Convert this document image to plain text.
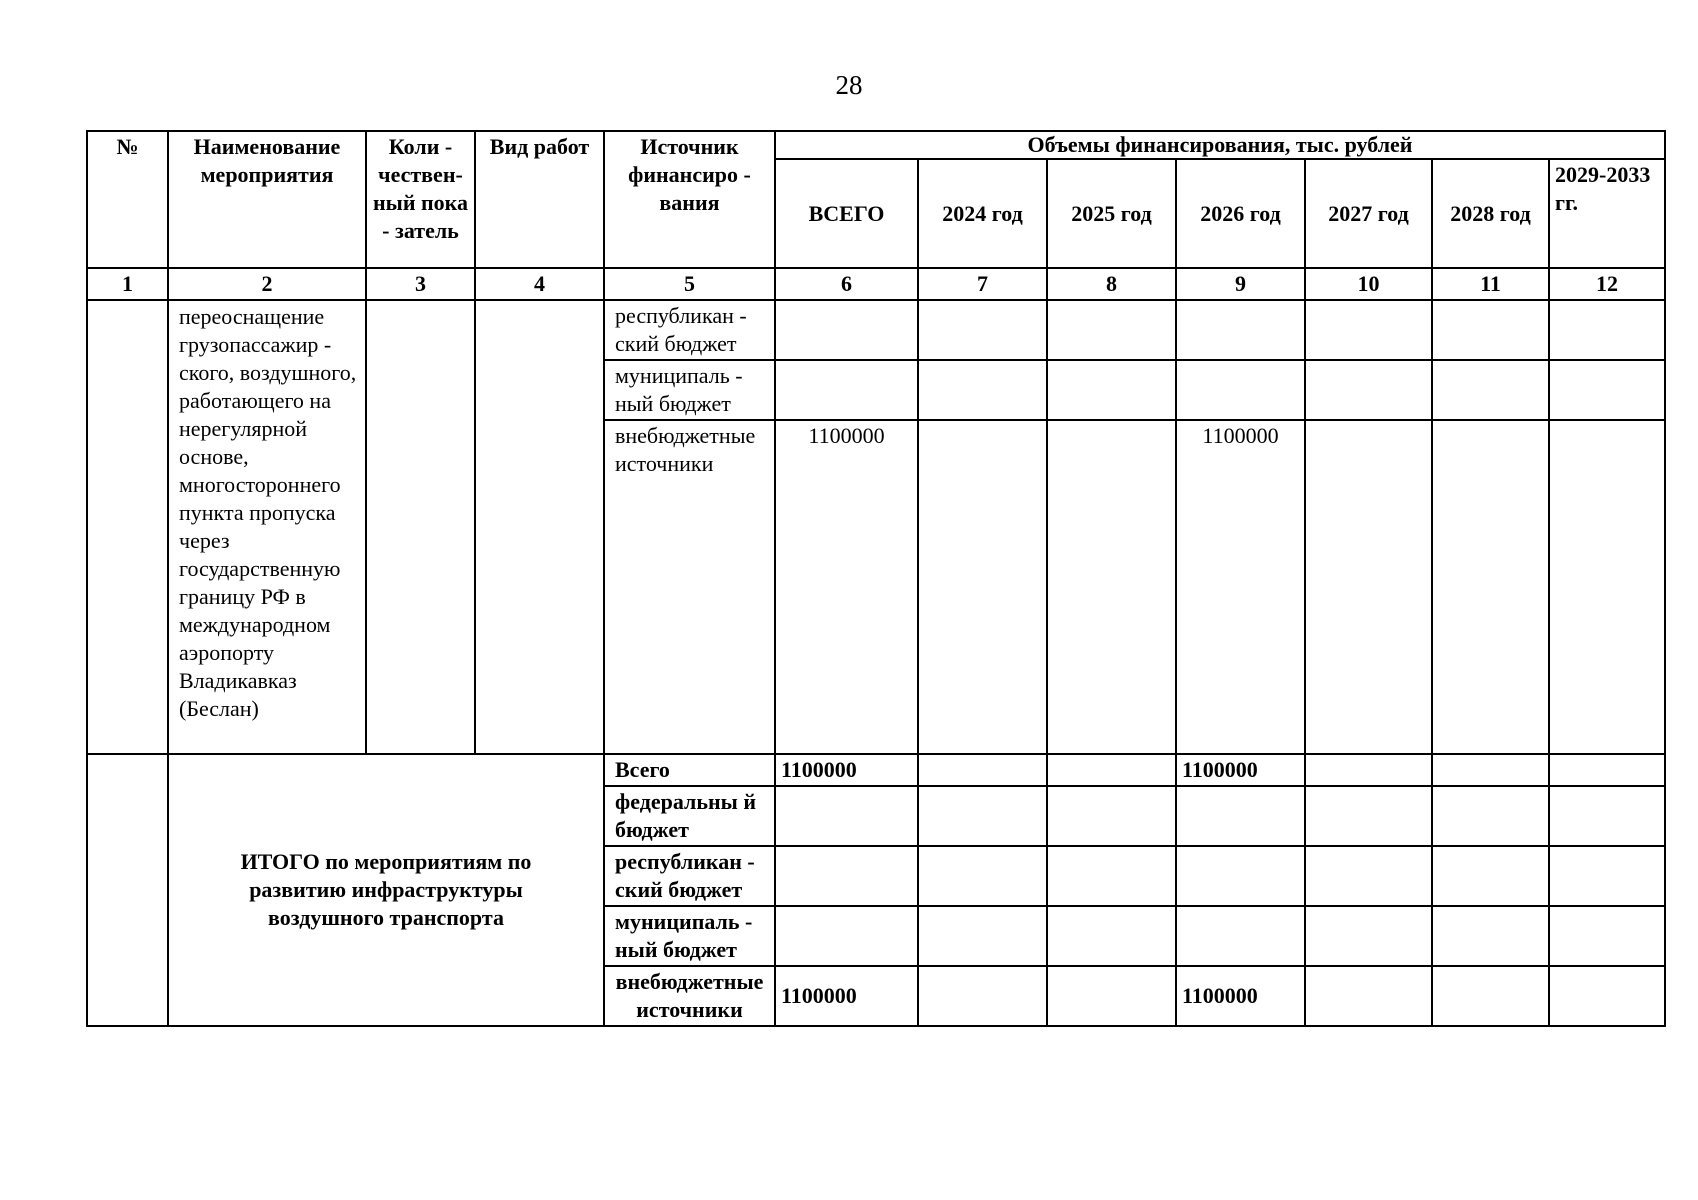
28
№	Наименование мероприятия	Коли - чествен- ный пока - затель	Вид работ	Источник финансиро - вания	Объемы финансирования, тыс. рублей						
					ВСЕГО	2024 год	2025 год	2026 год	2027 год	2028 год	2029-2033 гг.
1	2	3	4	5	6	7	8	9	10	11	12
	переоснащение грузопассажир - ского, воздушного, работающего на нерегулярной основе, многостороннего пункта пропуска через государственную границу РФ в международном аэропорту Владикавказ (Беслан)			республикан - ский бюджет							
				муниципаль - ный бюджет							
				внебюджетные источники	1100000			1100000			
	ИТОГО по мероприятиям по развитию инфраструктуры воздушного транспорта			Всего	1100000			1100000			
				федеральны й бюджет							
				республикан - ский бюджет							
				муниципаль - ный бюджет							
				внебюджетные источники	1100000			1100000			
